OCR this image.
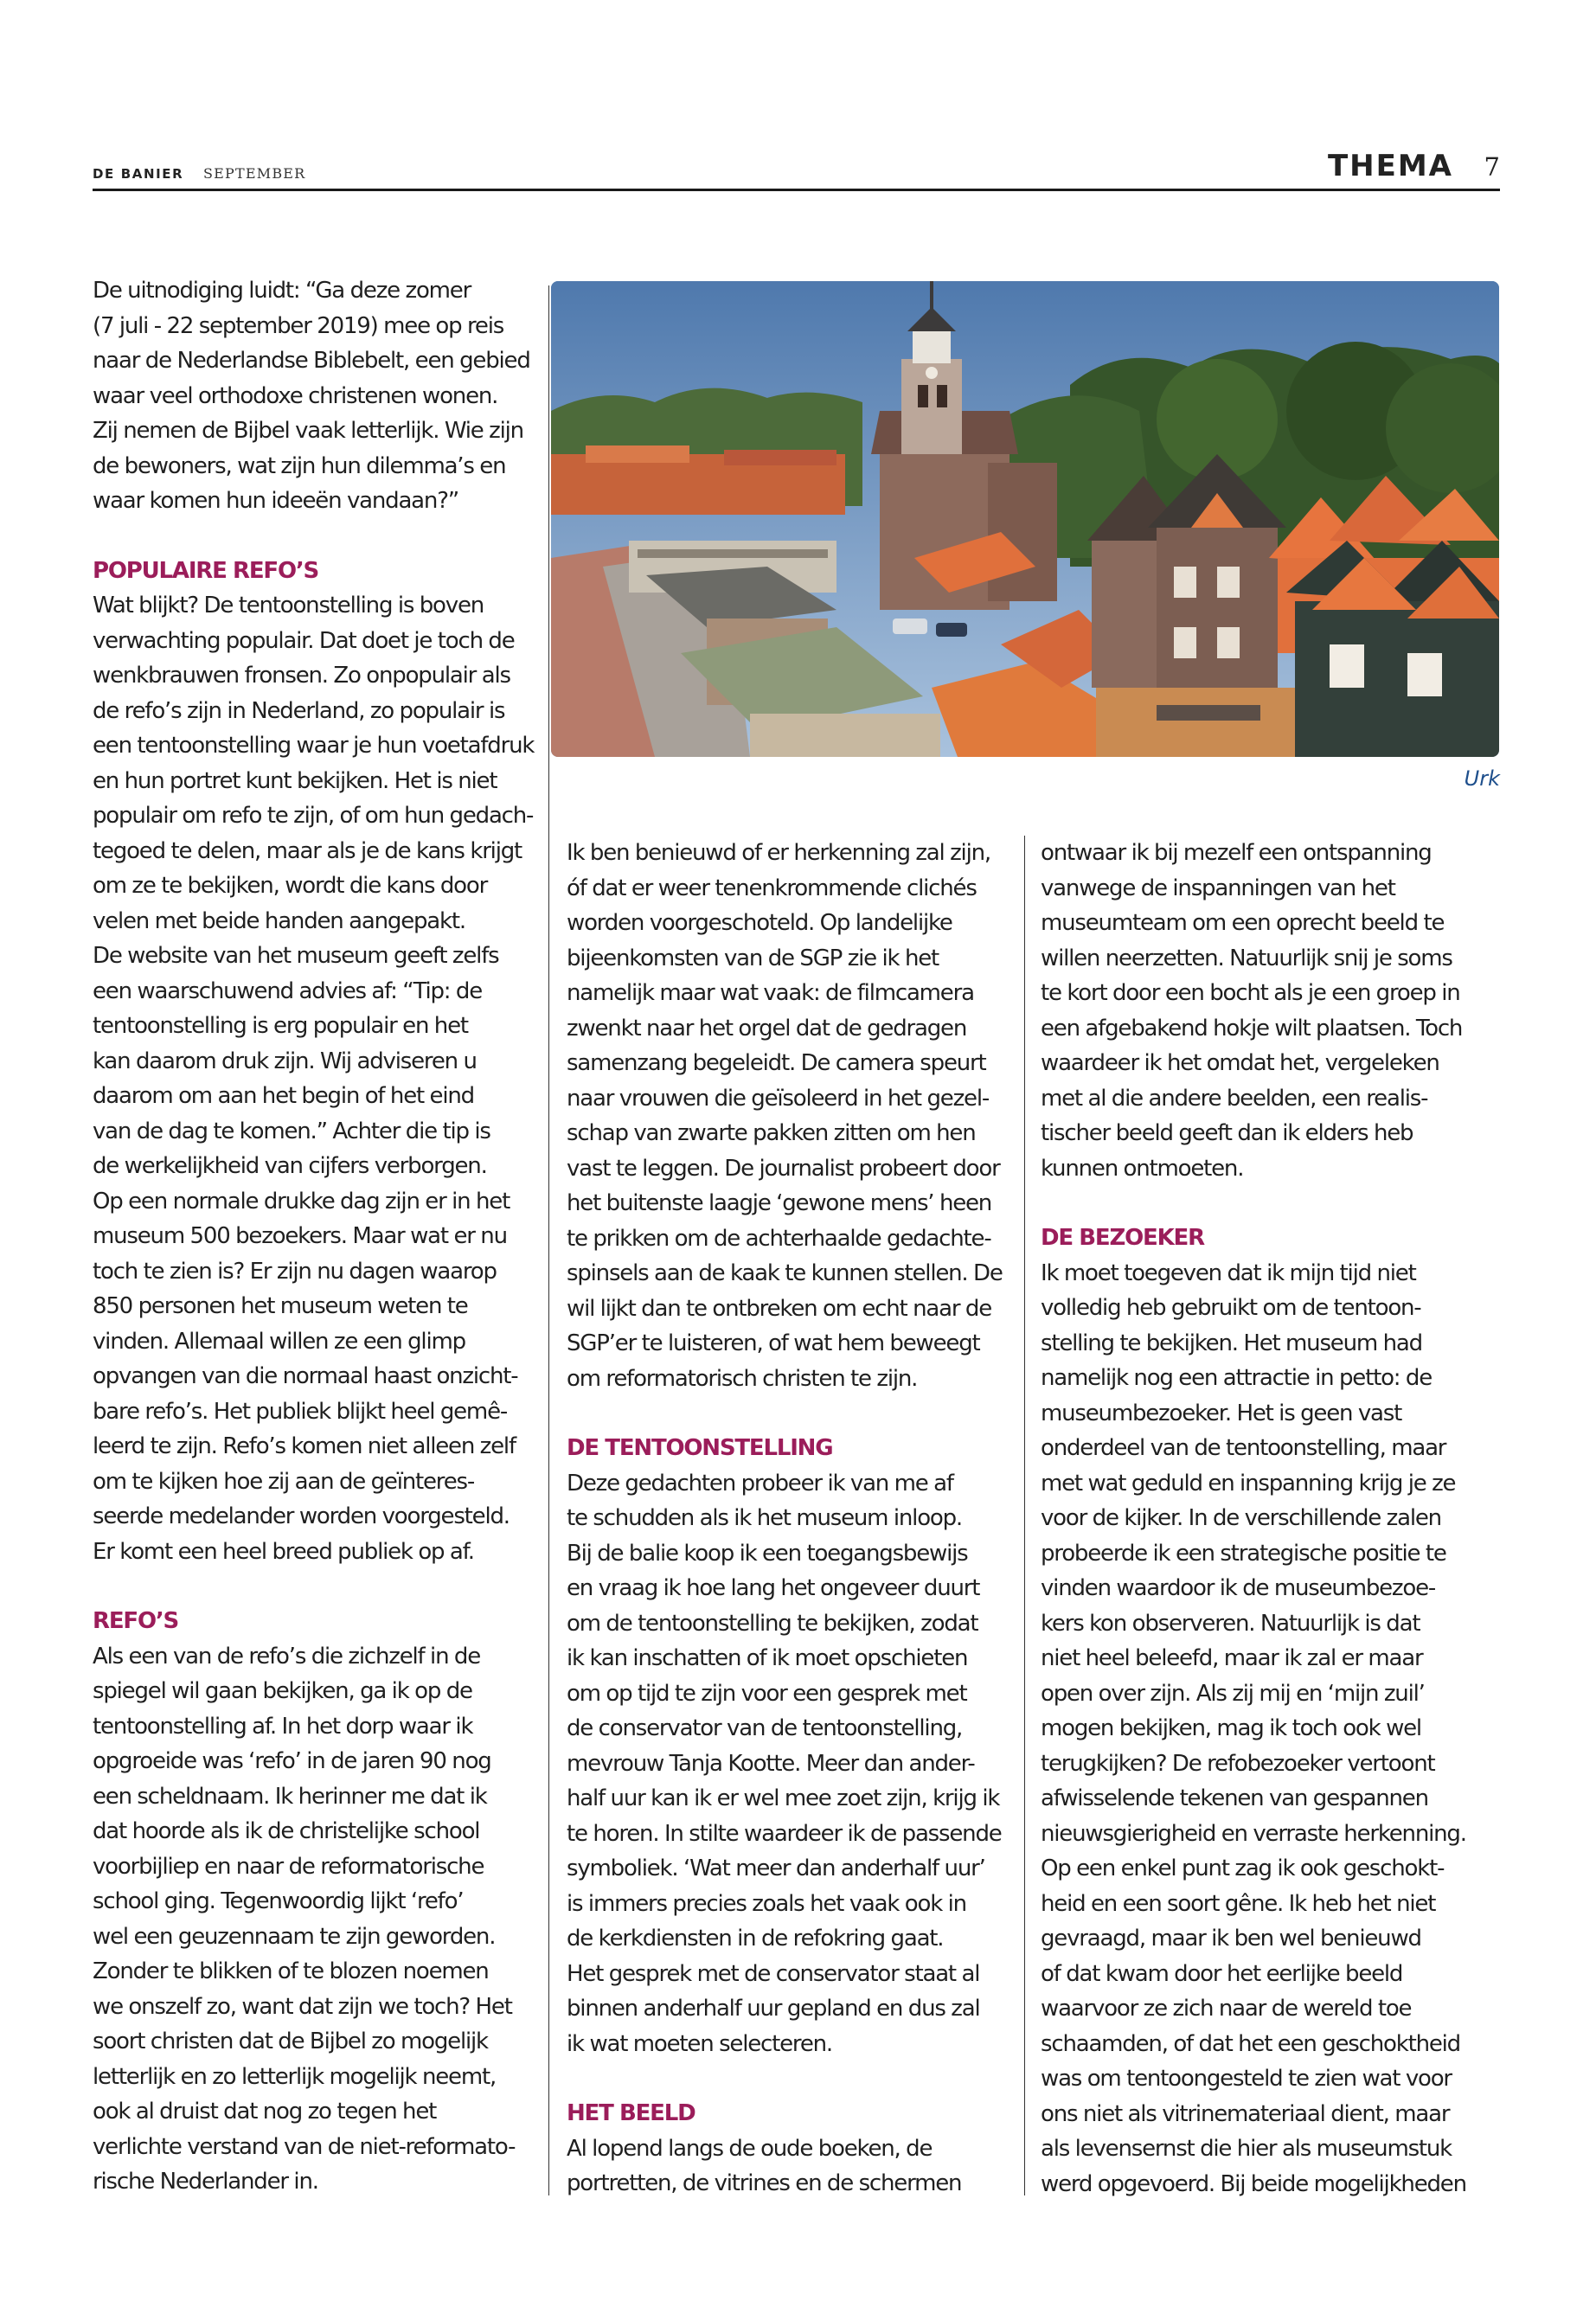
DE BANIER SEPTEMBER	THEMA 7
De uitnodiging luidt: “Ga deze zomer
(7 juli - 22 september 2019) mee op reis
naar de Nederlandse Biblebelt, een gebied
waar veel orthodoxe christenen wonen.
Zij nemen de Bijbel vaak letterlijk. Wie zijn
de bewoners, wat zijn hun dilemma’s en
waar komen hun ideeën vandaan?”
POPULAIRE REFO’S
Wat blijkt? De tentoonstelling is boven
verwachting populair. Dat doet je toch de
wenkbrauwen fronsen. Zo onpopulair als
de refo’s zijn in Nederland, zo populair is
een tentoonstelling waar je hun voetafdruk
en hun portret kunt bekijken. Het is niet
populair om refo te zijn, of om hun gedach-
tegoed te delen, maar als je de kans krijgt
om ze te bekijken, wordt die kans door
velen met beide handen aangepakt.
De website van het museum geeft zelfs
een waarschuwend advies af: “Tip: de
tentoonstelling is erg populair en het
kan daarom druk zijn. Wij adviseren u
daarom om aan het begin of het eind
van de dag te komen.” Achter die tip is
de werkelijkheid van cijfers verborgen.
Op een normale drukke dag zijn er in het
museum 500 bezoekers. Maar wat er nu
toch te zien is? Er zijn nu dagen waarop
850 personen het museum weten te
vinden. Allemaal willen ze een glimp
opvangen van die normaal haast onzicht-
bare refo’s. Het publiek blijkt heel gemê-
leerd te zijn. Refo’s komen niet alleen zelf
om te kijken hoe zij aan de geïnteres-
seerde medelander worden voorgesteld.
Er komt een heel breed publiek op af.
REFO’S
Als een van de refo’s die zichzelf in de
spiegel wil gaan bekijken, ga ik op de
tentoonstelling af. In het dorp waar ik
opgroeide was ‘refo’ in de jaren 90 nog
een scheldnaam. Ik herinner me dat ik
dat hoorde als ik de christelijke school
voorbijliep en naar de reformatorische
school ging. Tegenwoordig lijkt ‘refo’
wel een geuzennaam te zijn geworden.
Zonder te blikken of te blozen noemen
we onszelf zo, want dat zijn we toch? Het
soort christen dat de Bijbel zo mogelijk
letterlijk en zo letterlijk mogelijk neemt,
ook al druist dat nog zo tegen het
verlichte verstand van de niet-reformato-
rische Nederlander in.
Ik ben benieuwd of er herkenning zal zijn,
óf dat er weer tenenkrommende clichés
worden voorgeschoteld. Op landelijke
bijeenkomsten van de SGP zie ik het
namelijk maar wat vaak: de filmcamera
zwenkt naar het orgel dat de gedragen
samenzang begeleidt. De camera speurt
naar vrouwen die geïsoleerd in het gezel-
schap van zwarte pakken zitten om hen
vast te leggen. De journalist probeert door
het buitenste laagje ‘gewone mens’ heen
te prikken om de achterhaalde gedachte-
spinsels aan de kaak te kunnen stellen. De
wil lijkt dan te ontbreken om echt naar de
SGP’er te luisteren, of wat hem beweegt
om reformatorisch christen te zijn.
DE TENTOONSTELLING
Deze gedachten probeer ik van me af
te schudden als ik het museum inloop.
Bij de balie koop ik een toegangsbewijs
en vraag ik hoe lang het ongeveer duurt
om de tentoonstelling te bekijken, zodat
ik kan inschatten of ik moet opschieten
om op tijd te zijn voor een gesprek met
de conservator van de tentoonstelling,
mevrouw Tanja Kootte. Meer dan ander-
half uur kan ik er wel mee zoet zijn, krijg ik
te horen. In stilte waardeer ik de passende
symboliek. ‘Wat meer dan anderhalf uur’
is immers precies zoals het vaak ook in
de kerkdiensten in de refokring gaat.
Het gesprek met de conservator staat al
binnen anderhalf uur gepland en dus zal
ik wat moeten selecteren.
HET BEELD
Al lopend langs de oude boeken, de
portretten, de vitrines en de schermen
ontwaar ik bij mezelf een ontspanning
vanwege de inspanningen van het
museumteam om een oprecht beeld te
willen neerzetten. Natuurlijk snij je soms
te kort door een bocht als je een groep in
een afgebakend hokje wilt plaatsen. Toch
waardeer ik het omdat het, vergeleken
met al die andere beelden, een realis-
tischer beeld geeft dan ik elders heb
kunnen ontmoeten.
DE BEZOEKER
Ik moet toegeven dat ik mijn tijd niet
volledig heb gebruikt om de tentoon-
stelling te bekijken. Het museum had
namelijk nog een attractie in petto: de
museumbezoeker. Het is geen vast
onderdeel van de tentoonstelling, maar
met wat geduld en inspanning krijg je ze
voor de kijker. In de verschillende zalen
probeerde ik een strategische positie te
vinden waardoor ik de museumbezoe-
kers kon observeren. Natuurlijk is dat
niet heel beleefd, maar ik zal er maar
open over zijn. Als zij mij en ‘mijn zuil’
mogen bekijken, mag ik toch ook wel
terugkijken? De refobezoeker vertoont
afwisselende tekenen van gespannen
nieuwsgierigheid en verraste herkenning.
Op een enkel punt zag ik ook geschokt-
heid en een soort gêne. Ik heb het niet
gevraagd, maar ik ben wel benieuwd
of dat kwam door het eerlijke beeld
waarvoor ze zich naar de wereld toe
schaamden, of dat het een geschoktheid
was om tentoongesteld te zien wat voor
ons niet als vitrinemateriaal dient, maar
als levensernst die hier als museumstuk
werd opgevoerd. Bij beide mogelijkheden
Urk
